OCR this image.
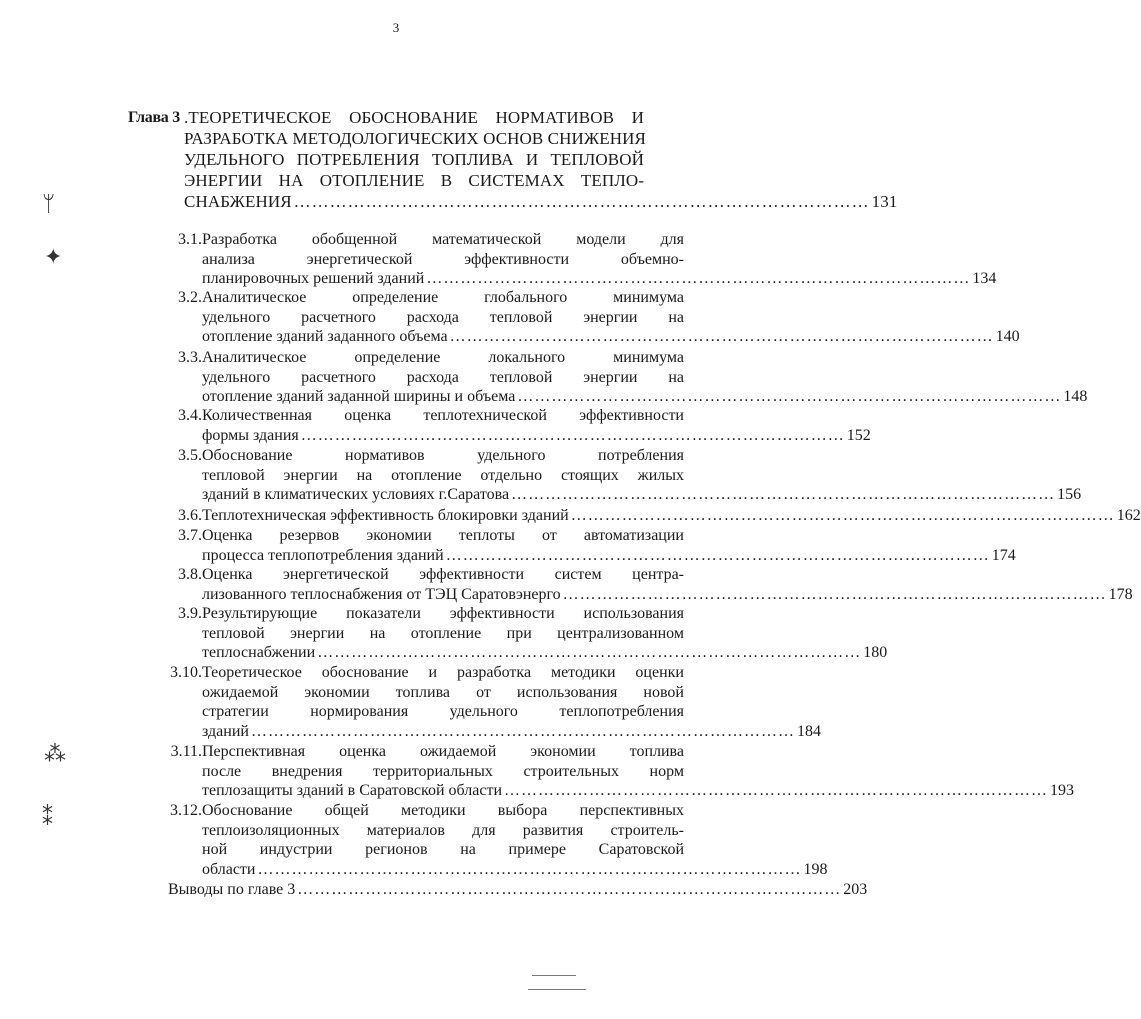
3
Глава 3 .ТЕОРЕТИЧЕСКОЕ ОБОСНОВАНИЕ НОРМАТИВОВ И
РАЗРАБОТКА МЕТОДОЛОГИЧЕСКИХ ОСНОВ СНИЖЕНИЯ
УДЕЛЬНОГО ПОТРЕБЛЕНИЯ ТОПЛИВА И ТЕПЛОВОЙ
ЭНЕРГИИ НА ОТОПЛЕНИЕ В СИСТЕМАХ ТЕПЛО-
СНАБЖЕНИЯ …………………………………………………………………………………… 131
3.1. Разработка обобщенной математической модели для
анализа энергетической эффективности объемно-
планировочных решений зданий …………………………………………………………………………………… 134
3.2. Аналитическое определение глобального минимума
удельного расчетного расхода тепловой энергии на
отопление зданий заданного объема …………………………………………………………………………………… 140
3.3. Аналитическое определение локального минимума
удельного расчетного расхода тепловой энергии на
отопление зданий заданной ширины и объема …………………………………………………………………………………… 148
3.4. Количественная оценка теплотехнической эффективности
формы здания …………………………………………………………………………………… 152
3.5. Обоснование нормативов удельного потребления
тепловой энергии на отопление отдельно стоящих жилых
зданий в климатических условиях г.Саратова …………………………………………………………………………………… 156
3.6. Теплотехническая эффективность блокировки зданий …………………………………………………………………………………… 162
3.7. Оценка резервов экономии теплоты от автоматизации
процесса теплопотребления зданий …………………………………………………………………………………… 174
3.8. Оценка энергетической эффективности систем центра-
лизованного теплоснабжения от ТЭЦ Саратовэнерго …………………………………………………………………………………… 178
3.9. Результирующие показатели эффективности использования
тепловой энергии на отопление при централизованном
теплоснабжении …………………………………………………………………………………… 180
3.10. Теоретическое обоснование и разработка методики оценки
ожидаемой экономии топлива от использования новой
стратегии нормирования удельного теплопотребления
зданий …………………………………………………………………………………… 184
3.11. Перспективная оценка ожидаемой экономии топлива
после внедрения территориальных строительных норм
теплозащиты зданий в Саратовской области …………………………………………………………………………………… 193
3.12. Обоснование общей методики выбора перспективных
теплоизоляционных материалов для развития строитель-
ной индустрии регионов на примере Саратовской
области …………………………………………………………………………………… 198
Выводы по главе 3 …………………………………………………………………………………… 203
ᛘ
✦
⁂
⁑
